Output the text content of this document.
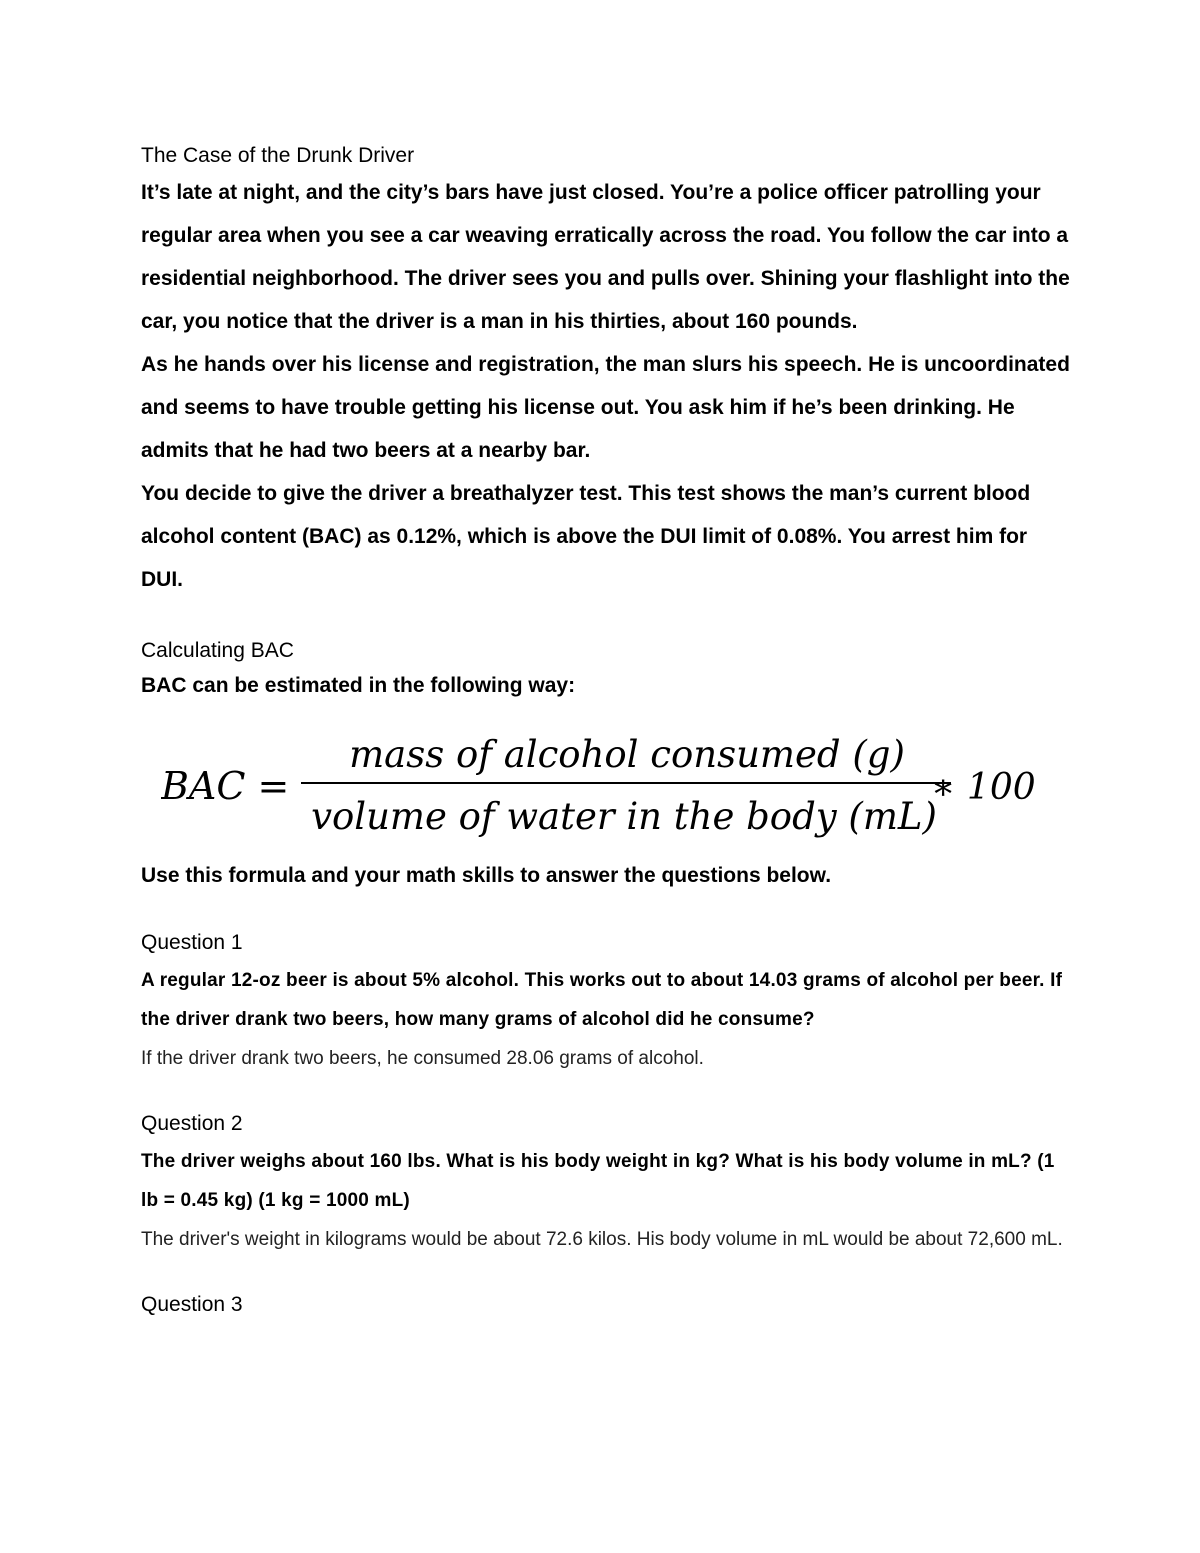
The Case of the Drunk Driver

It’s late at night, and the city’s bars have just closed. You’re a police officer patrolling your regular area when you see a car weaving erratically across the road. You follow the car into a residential neighborhood. The driver sees you and pulls over. Shining your flashlight into the car, you notice that the driver is a man in his thirties, about 160 pounds.

As he hands over his license and registration, the man slurs his speech. He is uncoordinated and seems to have trouble getting his license out. You ask him if he’s been drinking. He admits that he had two beers at a nearby bar.

You decide to give the driver a breathalyzer test. This test shows the man’s current blood alcohol content (BAC) as 0.12%, which is above the DUI limit of 0.08%. You arrest him for DUI.

Calculating BAC

BAC can be estimated in the following way:

BAC =
mass of alcohol consumed (g)
volume of water in the body (mL)
∗ 100

Use this formula and your math skills to answer the questions below.

Question 1

A regular 12-oz beer is about 5% alcohol. This works out to about 14.03 grams of alcohol per beer. If the driver drank two beers, how many grams of alcohol did he consume?

If the driver drank two beers, he consumed 28.06 grams of alcohol.

Question 2

The driver weighs about 160 lbs. What is his body weight in kg? What is his body volume in mL? (1 lb = 0.45 kg) (1 kg = 1000 mL)

The driver's weight in kilograms would be about 72.6 kilos. His body volume in mL would be about 72,600 mL.

Question 3
